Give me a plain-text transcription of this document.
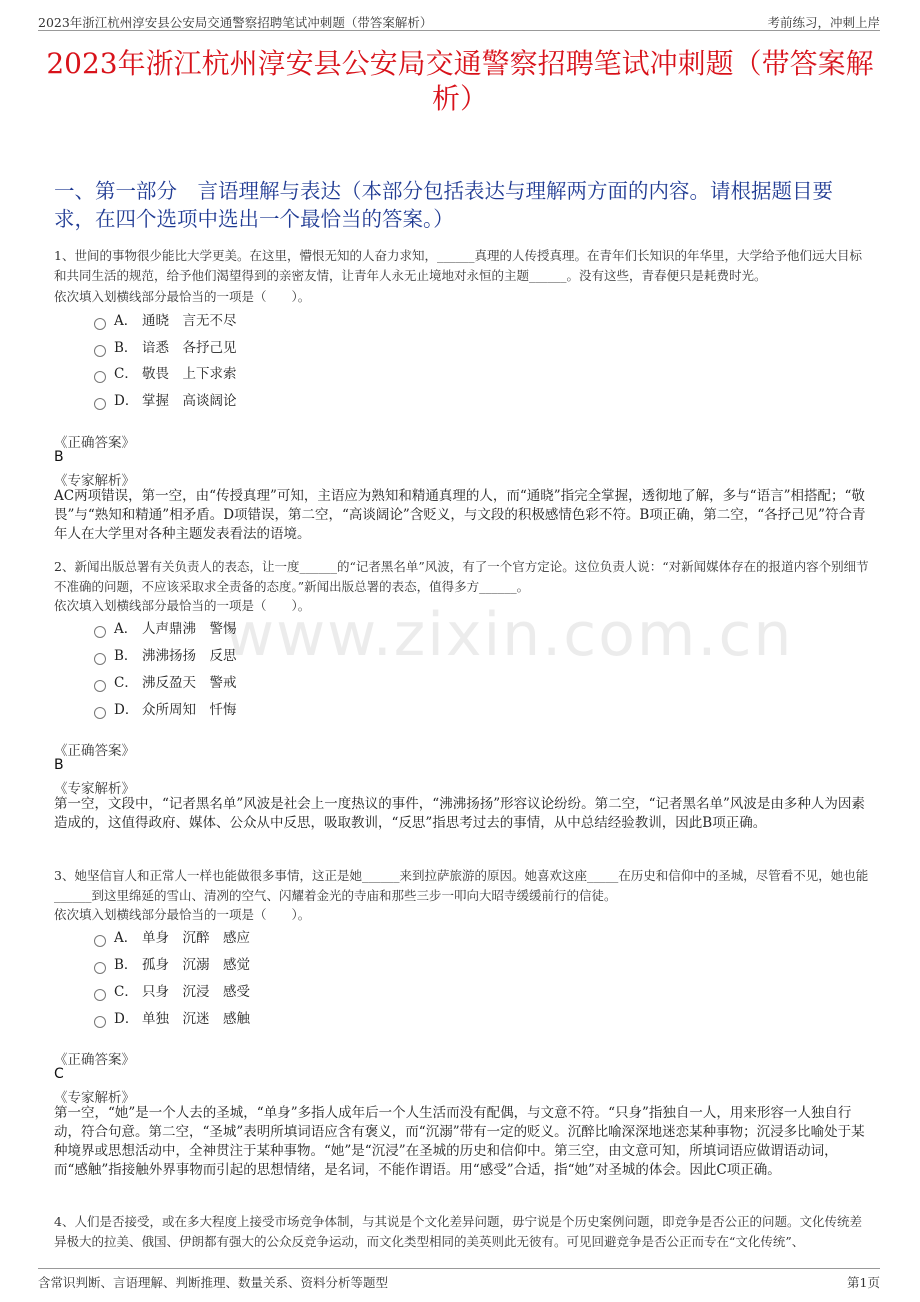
2023年浙江杭州淳安县公安局交通警察招聘笔试冲刺题（带答案解析）	考前练习，冲刺上岸
2023年浙江杭州淳安县公安局交通警察招聘笔试冲刺题（带答案解析）
一、第一部分　言语理解与表达（本部分包括表达与理解两方面的内容。请根据题目要求，在四个选项中选出一个最恰当的答案。）
www.zixin.com.cn
1、世间的事物很少能比大学更美。在这里，懵恨无知的人奋力求知，______真理的人传授真理。在青年们长知识的年华里，大学给予他们远大目标和共同生活的规范，给予他们渴望得到的亲密友情，让青年人永无止境地对永恒的主题______。没有这些，青春便只是耗费时光。
依次填入划横线部分最恰当的一项是（　　）。
A． 通晓　言无不尽
B． 谙悉　各抒己见
C． 敬畏　上下求索
D． 掌握　高谈阔论
《正确答案》
B
《专家解析》
AC两项错误，第一空，由“传授真理”可知，主语应为熟知和精通真理的人，而“通晓”指完全掌握，透彻地了解，多与“语言”相搭配；“敬畏”与“熟知和精通”相矛盾。D项错误，第二空，“高谈阔论”含贬义，与文段的积极感情色彩不符。B项正确，第二空，“各抒己见”符合青年人在大学里对各种主题发表看法的语境。
2、新闻出版总署有关负责人的表态，让一度______的“记者黑名单”风波，有了一个官方定论。这位负责人说：“对新闻媒体存在的报道内容个别细节不准确的问题，不应该采取求全责备的态度。”新闻出版总署的表态，值得多方______。
依次填入划横线部分最恰当的一项是（　　）。
A． 人声鼎沸　警惕
B． 沸沸扬扬　反思
C． 沸反盈天　警戒
D． 众所周知　忏悔
《正确答案》
B
《专家解析》
第一空，文段中，“记者黑名单”风波是社会上一度热议的事件，“沸沸扬扬”形容议论纷纷。第二空，“记者黑名单”风波是由多种人为因素造成的，这值得政府、媒体、公众从中反思，吸取教训，“反思”指思考过去的事情，从中总结经验教训，因此B项正确。
3、她坚信盲人和正常人一样也能做很多事情，这正是她______来到拉萨旅游的原因。她喜欢这座_____在历史和信仰中的圣城，尽管看不见，她也能______到这里绵延的雪山、清冽的空气、闪耀着金光的寺庙和那些三步一叩向大昭寺缓缓前行的信徒。
依次填入划横线部分最恰当的一项是（　　）。
A． 单身　沉醉　感应
B． 孤身　沉溺　感觉
C． 只身　沉浸　感受
D． 单独　沉迷　感触
《正确答案》
C
《专家解析》
第一空，“她”是一个人去的圣城，“单身”多指人成年后一个人生活而没有配偶，与文意不符。“只身”指独自一人，用来形容一人独自行动，符合句意。第二空，“圣城”表明所填词语应含有褒义，而“沉溺”带有一定的贬义。沉醉比喻深深地迷恋某种事物；沉浸多比喻处于某种境界或思想活动中，全神贯注于某种事物。“她”是“沉浸”在圣城的历史和信仰中。第三空，由文意可知，所填词语应做谓语动词，而“感触”指接触外界事物而引起的思想情绪，是名词，不能作谓语。用“感受”合适，指“她”对圣城的体会。因此C项正确。
4、人们是否接受，或在多大程度上接受市场竞争体制，与其说是个文化差异问题，毋宁说是个历史案例问题，即竞争是否公正的问题。文化传统差异极大的拉美、俄国、伊朗都有强大的公众反竞争运动，而文化类型相同的美英则此无彼有。可见回避竞争是否公正而专在“文化传统”、
含常识判断、言语理解、判断推理、数量关系、资料分析等题型	第1页
